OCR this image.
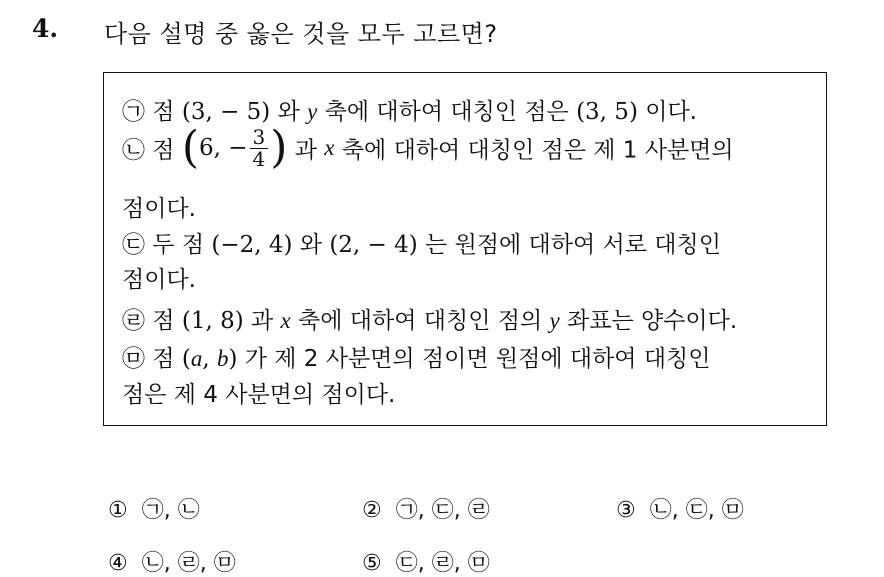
4. 다음 설명 중 옳은 것을 모두 고르면?
㉠ 점 (3, − 5) 와 y 축에 대하여 대칭인 점은 (3, 5) 이다.
㉡ 점 (6, − $\frac{3}{4}$ ) 과 x 축에 대하여 대칭인 점은 제 1 사분면의
점이다.
㉢ 두 점 (−2, 4) 와 (2, − 4) 는 원점에 대하여 서로 대칭인
점이다.
㉣ 점 (1, 8) 과 x 축에 대하여 대칭인 점의 y 좌표는 양수이다.
㉤ 점 (a, b) 가 제 2 사분면의 점이면 원점에 대하여 대칭인
점은 제 4 사분면의 점이다.
① ㉠, ㉡	② ㉠, ㉢, ㉣	③ ㉡, ㉢, ㉤
④ ㉡, ㉣, ㉤	⑤ ㉢, ㉣, ㉤
